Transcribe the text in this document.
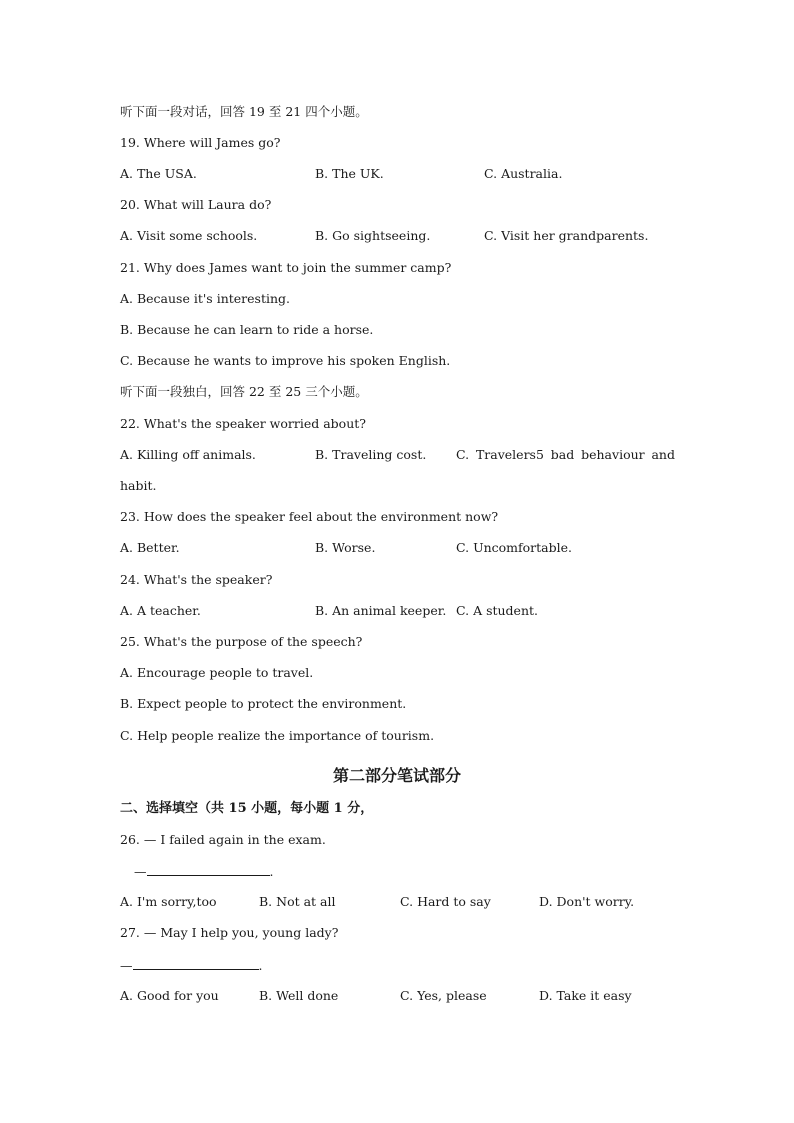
听下面一段对话，回答 19 至 21 四个小题。
19. Where will James go?
A. The USA.	B. The UK.	C. Australia.
20. What will Laura do?
A. Visit some schools.	B. Go sightseeing.	C. Visit her grandparents.
21. Why does James want to join the summer camp?
A. Because it's interesting.
B. Because he can learn to ride a horse.
C. Because he wants to improve his spoken English.
听下面一段独白，回答 22 至 25 三个小题。
22. What's the speaker worried about?
A. Killing off animals.	B. Traveling cost. C. Travelers5 bad behaviour and
habit.
23. How does the speaker feel about the environment now?
A. Better.	B. Worse.	C. Uncomfortable.
24. What's the speaker?
A. A teacher.	B. An animal keeper. C. A student.
25. What's the purpose of the speech?
A. Encourage people to travel.
B. Expect people to protect the environment.
C. Help people realize the importance of tourism.
第二部分笔试部分
二、选择填空（共 15 小题，每小题 1 分，
26. — I failed again in the exam.
—	.
A. I'm sorry,too	B. Not at all	C. Hard to say	D. Don't worry.
27. — May I help you, young lady?
—	.
A. Good for you	B. Well done	C. Yes, please	D. Take it easy
